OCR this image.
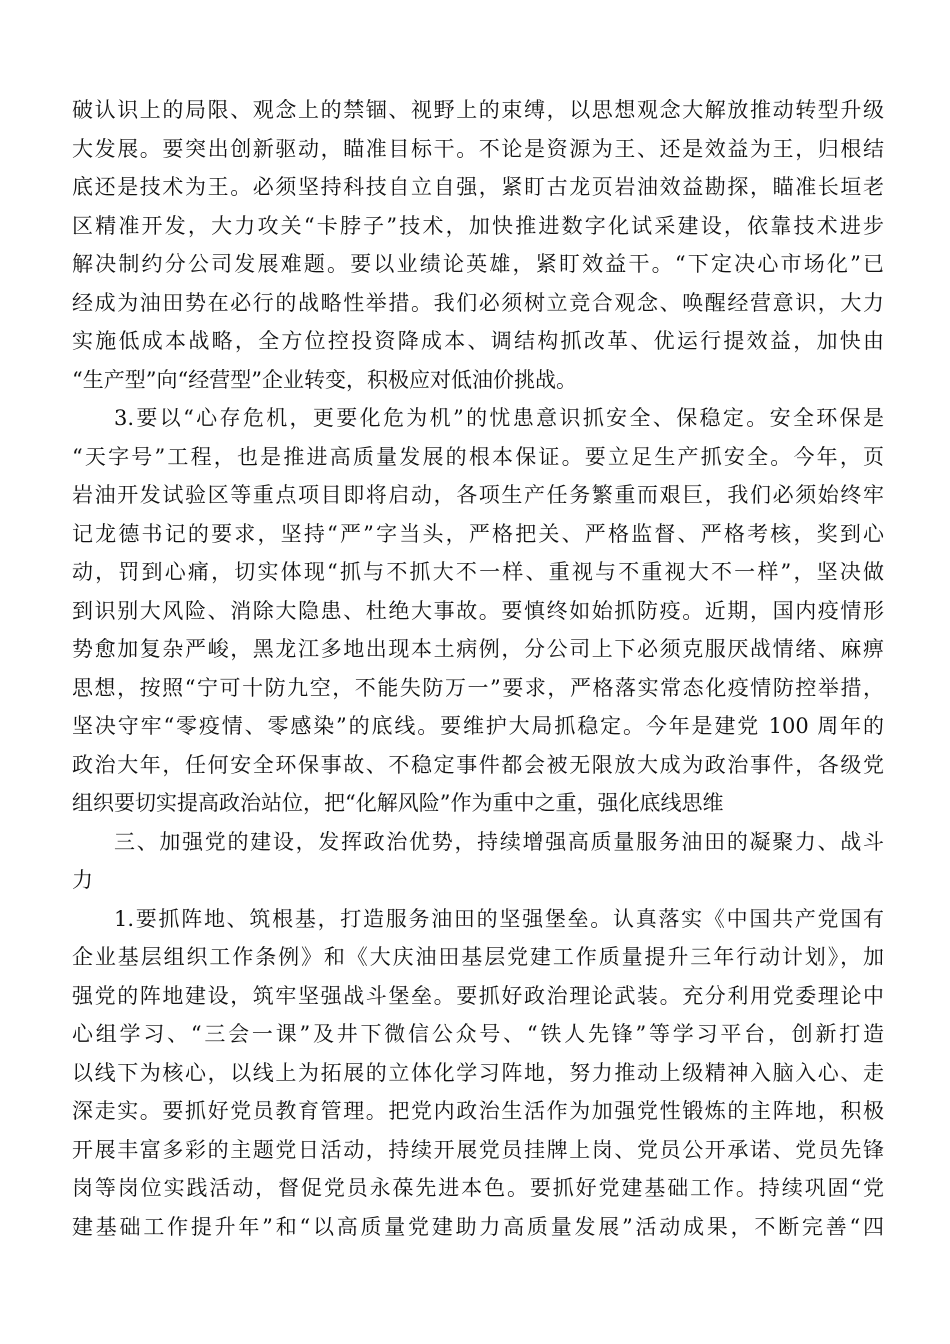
破认识上的局限、观念上的禁锢、视野上的束缚，以思想观念大解放推动转型升级
大发展。要突出创新驱动，瞄准目标干。不论是资源为王、还是效益为王，归根结
底还是技术为王。必须坚持科技自立自强，紧盯古龙页岩油效益勘探，瞄准长垣老
区精准开发，大力攻关“卡脖子”技术，加快推进数字化试采建设，依靠技术进步
解决制约分公司发展难题。要以业绩论英雄，紧盯效益干。“下定决心市场化”已
经成为油田势在必行的战略性举措。我们必须树立竞合观念、唤醒经营意识，大力
实施低成本战略，全方位控投资降成本、调结构抓改革、优运行提效益，加快由
“生产型”向“经营型”企业转变，积极应对低油价挑战。
3.要以“心存危机，更要化危为机”的忧患意识抓安全、保稳定。安全环保是
“天字号”工程，也是推进高质量发展的根本保证。要立足生产抓安全。今年，页
岩油开发试验区等重点项目即将启动，各项生产任务繁重而艰巨，我们必须始终牢
记龙德书记的要求，坚持“严”字当头，严格把关、严格监督、严格考核，奖到心
动，罚到心痛，切实体现“抓与不抓大不一样、重视与不重视大不一样”，坚决做
到识别大风险、消除大隐患、杜绝大事故。要慎终如始抓防疫。近期，国内疫情形
势愈加复杂严峻，黑龙江多地出现本土病例，分公司上下必须克服厌战情绪、麻痹
思想，按照“宁可十防九空，不能失防万一”要求，严格落实常态化疫情防控举措，
坚决守牢“零疫情、零感染”的底线。要维护大局抓稳定。今年是建党 100 周年的
政治大年，任何安全环保事故、不稳定事件都会被无限放大成为政治事件，各级党
组织要切实提高政治站位，把“化解风险”作为重中之重，强化底线思维
三、加强党的建设，发挥政治优势，持续增强高质量服务油田的凝聚力、战斗
力
1.要抓阵地、筑根基，打造服务油田的坚强堡垒。认真落实《中国共产党国有
企业基层组织工作条例》和《大庆油田基层党建工作质量提升三年行动计划》，加
强党的阵地建设，筑牢坚强战斗堡垒。要抓好政治理论武装。充分利用党委理论中
心组学习、“三会一课”及井下微信公众号、“铁人先锋”等学习平台，创新打造
以线下为核心，以线上为拓展的立体化学习阵地，努力推动上级精神入脑入心、走
深走实。要抓好党员教育管理。把党内政治生活作为加强党性锻炼的主阵地，积极
开展丰富多彩的主题党日活动，持续开展党员挂牌上岗、党员公开承诺、党员先锋
岗等岗位实践活动，督促党员永葆先进本色。要抓好党建基础工作。持续巩固“党
建基础工作提升年”和“以高质量党建助力高质量发展”活动成果，不断完善“四
